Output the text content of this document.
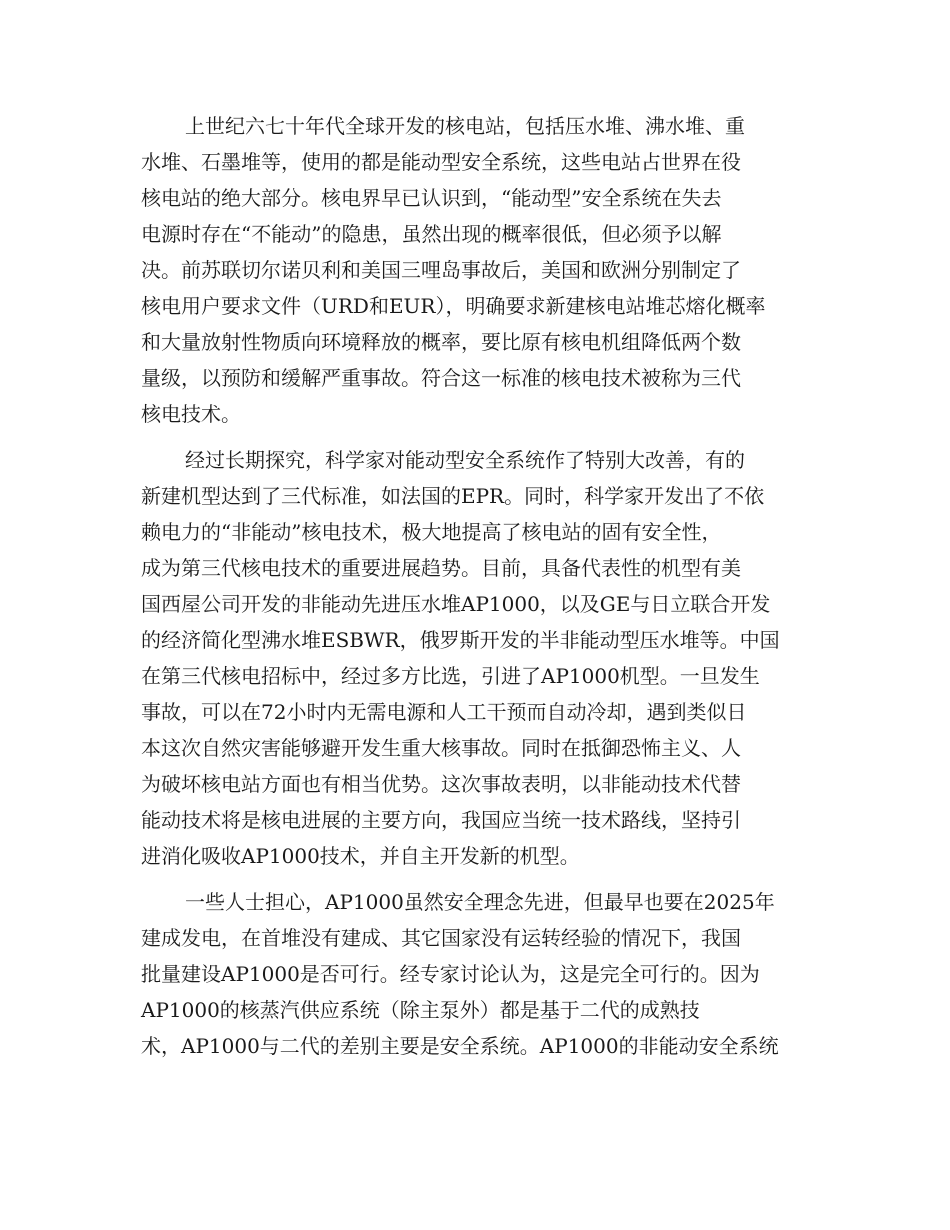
上世纪六七十年代全球开发的核电站，包括压水堆、沸水堆、重
水堆、石墨堆等，使用的都是能动型安全系统，这些电站占世界在役
核电站的绝大部分。核电界早已认识到，“能动型”安全系统在失去
电源时存在“不能动”的隐患，虽然出现的概率很低，但必须予以解
决。前苏联切尔诺贝利和美国三哩岛事故后，美国和欧洲分别制定了
核电用户要求文件（URD和EUR），明确要求新建核电站堆芯熔化概率
和大量放射性物质向环境释放的概率，要比原有核电机组降低两个数
量级，以预防和缓解严重事故。符合这一标准的核电技术被称为三代
核电技术。

经过长期探究，科学家对能动型安全系统作了特别大改善，有的
新建机型达到了三代标准，如法国的EPR。同时，科学家开发出了不依
赖电力的“非能动”核电技术，极大地提高了核电站的固有安全性，
成为第三代核电技术的重要进展趋势。目前，具备代表性的机型有美
国西屋公司开发的非能动先进压水堆AP1000，以及GE与日立联合开发
的经济简化型沸水堆ESBWR，俄罗斯开发的半非能动型压水堆等。中国
在第三代核电招标中，经过多方比选，引进了AP1000机型。一旦发生
事故，可以在72小时内无需电源和人工干预而自动冷却，遇到类似日
本这次自然灾害能够避开发生重大核事故。同时在抵御恐怖主义、人
为破坏核电站方面也有相当优势。这次事故表明，以非能动技术代替
能动技术将是核电进展的主要方向，我国应当统一技术路线，坚持引
进消化吸收AP1000技术，并自主开发新的机型。

一些人士担心，AP1000虽然安全理念先进，但最早也要在2025年
建成发电，在首堆没有建成、其它国家没有运转经验的情况下，我国
批量建设AP1000是否可行。经专家讨论认为，这是完全可行的。因为
AP1000的核蒸汽供应系统（除主泵外）都是基于二代的成熟技
术，AP1000与二代的差别主要是安全系统。AP1000的非能动安全系统
